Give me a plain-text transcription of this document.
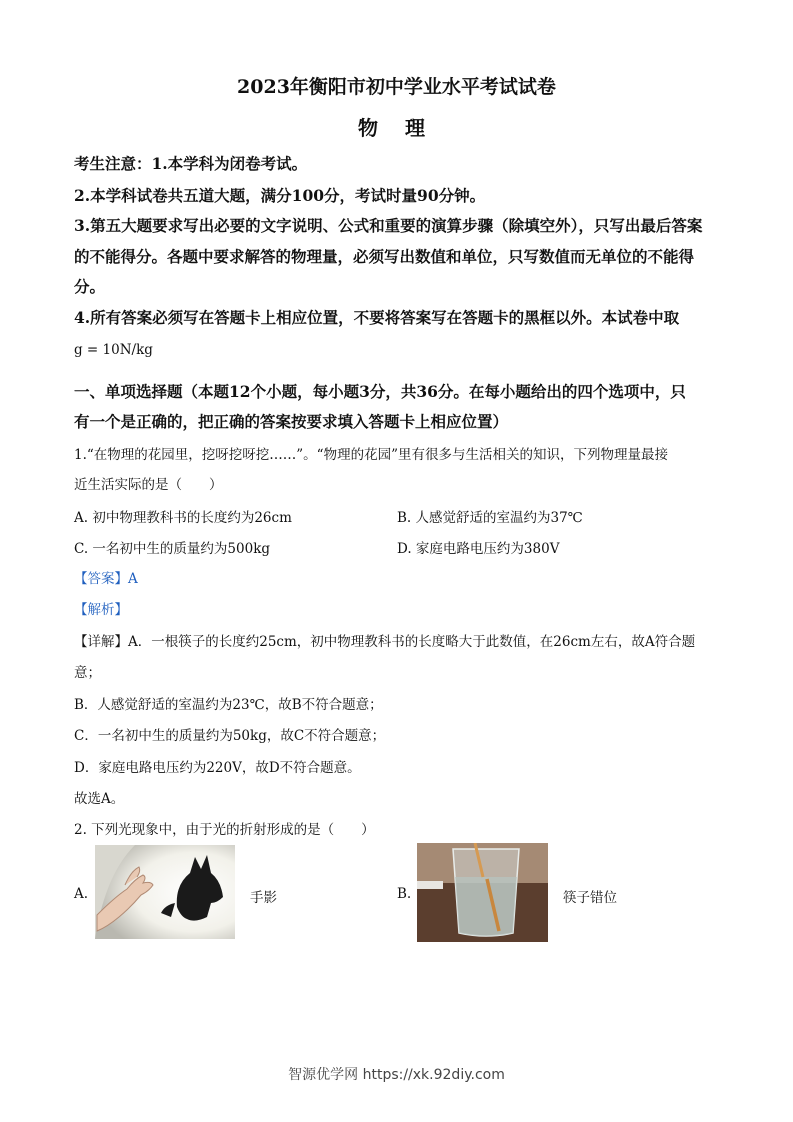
2023年衡阳市初中学业水平考试试卷
物 理
考生注意：1.本学科为闭卷考试。
2.本学科试卷共五道大题，满分100分，考试时量90分钟。
3.第五大题要求写出必要的文字说明、公式和重要的演算步骤（除填空外），只写出最后答案
的不能得分。各题中要求解答的物理量，必须写出数值和单位，只写数值而无单位的不能得
分。
4.所有答案必须写在答题卡上相应位置，不要将答案写在答题卡的黑框以外。本试卷中取
g = 10N/kg
一、单项选择题（本题12个小题，每小题3分，共36分。在每小题给出的四个选项中，只
有一个是正确的，把正确的答案按要求填入答题卡上相应位置）
1.“在物理的花园里，挖呀挖呀挖……”。“物理的花园”里有很多与生活相关的知识，下列物理量最接
近生活实际的是（　　）
A. 初中物理教科书的长度约为26cm	B. 人感觉舒适的室温约为37℃
C. 一名初中生的质量约为500kg	D. 家庭电路电压约为380V
【答案】A
【解析】
【详解】A．一根筷子的长度约25cm，初中物理教科书的长度略大于此数值，在26cm左右，故A符合题
意；
B．人感觉舒适的室温约为23℃，故B不符合题意；
C．一名初中生的质量约为50kg，故C不符合题意；
D．家庭电路电压约为220V，故D不符合题意。
故选A。
2. 下列光现象中，由于光的折射形成的是（　　）
A.	手影	B.	筷子错位
智源优学网 https://xk.92diy.com
